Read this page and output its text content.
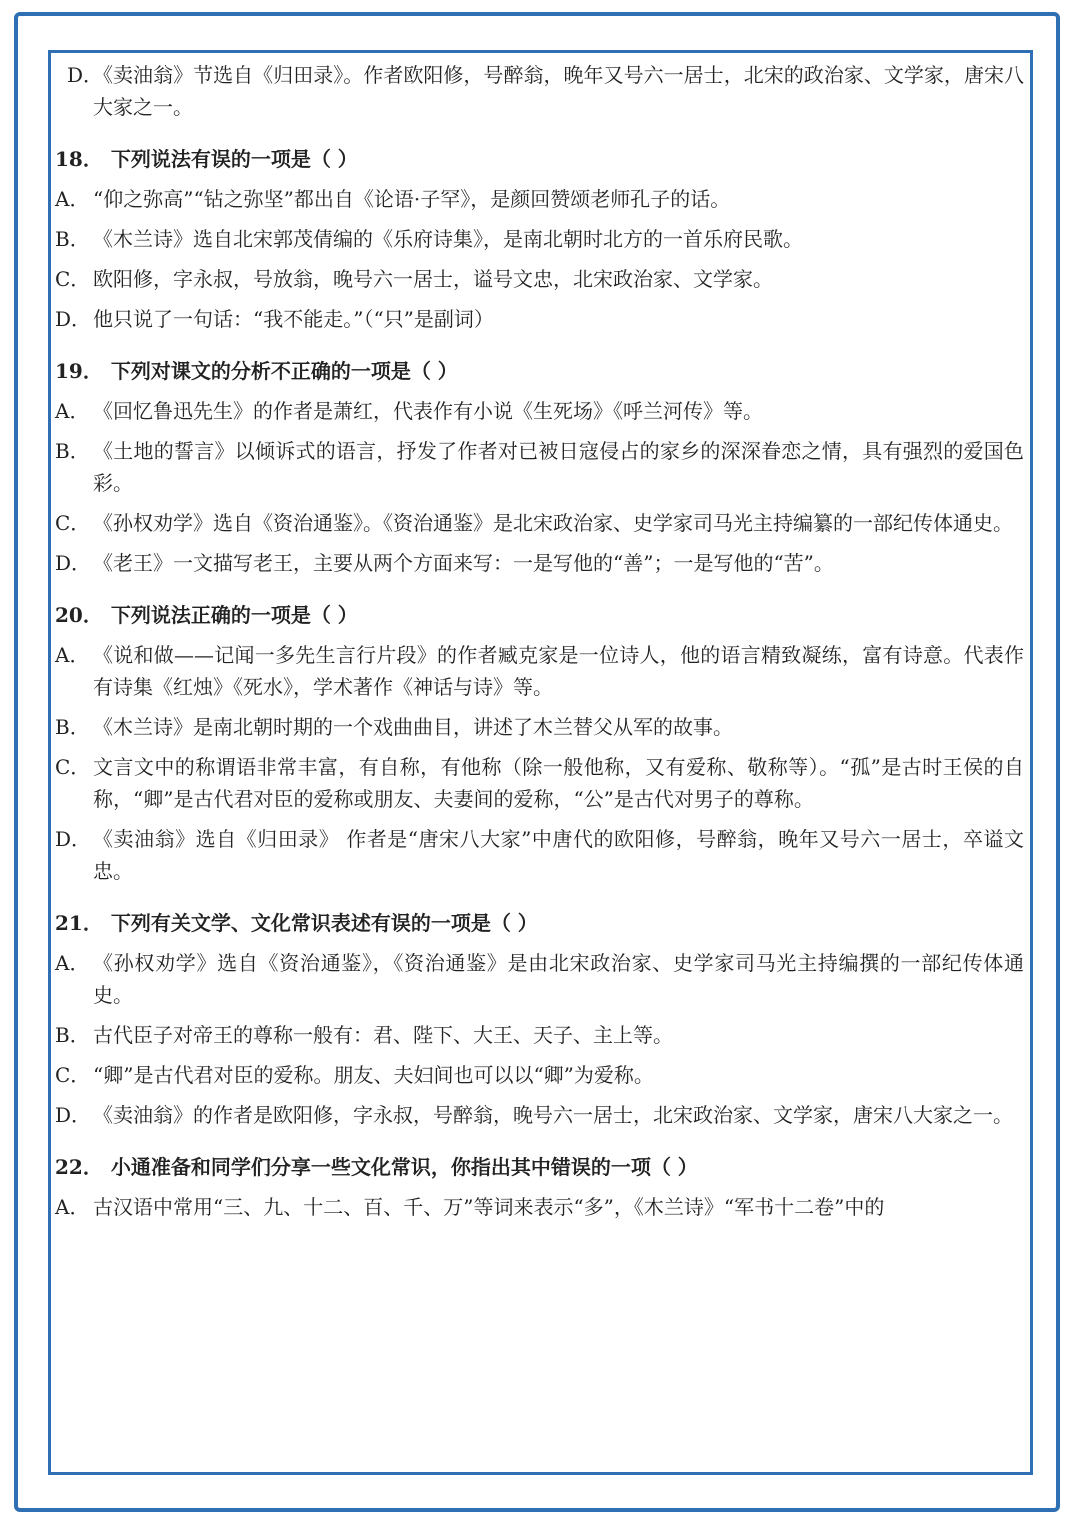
D．
《卖油翁》节选自《归田录》。作者欧阳修，号醉翁，晚年又号六一居士，北宋的政治家、文学家，唐宋八大家之一。
18． 下列说法有误的一项是（ ）
A． “仰之弥高”“钻之弥坚”都出自《论语·子罕》，是颜回赞颂老师孔子的话。
B． 《木兰诗》选自北宋郭茂倩编的《乐府诗集》，是南北朝时北方的一首乐府民歌。
C． 欧阳修，字永叔，号放翁，晚号六一居士，谥号文忠，北宋政治家、文学家。
D． 他只说了一句话：“我不能走。”（“只”是副词）
19． 下列对课文的分析不正确的一项是（ ）
A． 《回忆鲁迅先生》的作者是萧红，代表作有小说《生死场》《呼兰河传》等。
B． 《土地的誓言》以倾诉式的语言，抒发了作者对已被日寇侵占的家乡的深深眷恋之情，具有强烈的爱国色彩。
C． 《孙权劝学》选自《资治通鉴》。《资治通鉴》是北宋政治家、史学家司马光主持编纂的一部纪传体通史。
D． 《老王》一文描写老王，主要从两个方面来写：一是写他的“善”；一是写他的“苦”。
20． 下列说法正确的一项是（ ）
A． 《说和做——记闻一多先生言行片段》的作者臧克家是一位诗人，他的语言精致凝练，富有诗意。代表作有诗集《红烛》《死水》，学术著作《神话与诗》等。
B． 《木兰诗》是南北朝时期的一个戏曲曲目，讲述了木兰替父从军的故事。
C． 文言文中的称谓语非常丰富，有自称，有他称（除一般他称，又有爱称、敬称等）。“孤”是古时王侯的自称，“卿”是古代君对臣的爱称或朋友、夫妻间的爱称，“公”是古代对男子的尊称。
D． 《卖油翁》选自《归田录》 作者是“唐宋八大家”中唐代的欧阳修，号醉翁，晚年又号六一居士，卒谥文忠。
21． 下列有关文学、文化常识表述有误的一项是（ ）
A． 《孙权劝学》选自《资治通鉴》，《资治通鉴》是由北宋政治家、史学家司马光主持编撰的一部纪传体通史。
B． 古代臣子对帝王的尊称一般有：君、陛下、大王、天子、主上等。
C． “卿”是古代君对臣的爱称。朋友、夫妇间也可以以“卿”为爱称。
D． 《卖油翁》的作者是欧阳修，字永叔，号醉翁，晚号六一居士，北宋政治家、文学家，唐宋八大家之一。
22． 小通准备和同学们分享一些文化常识，你指出其中错误的一项（ ）
A． 古汉语中常用“三、九、十二、百、千、万”等词来表示“多”，《木兰诗》“军书十二卷”中的
